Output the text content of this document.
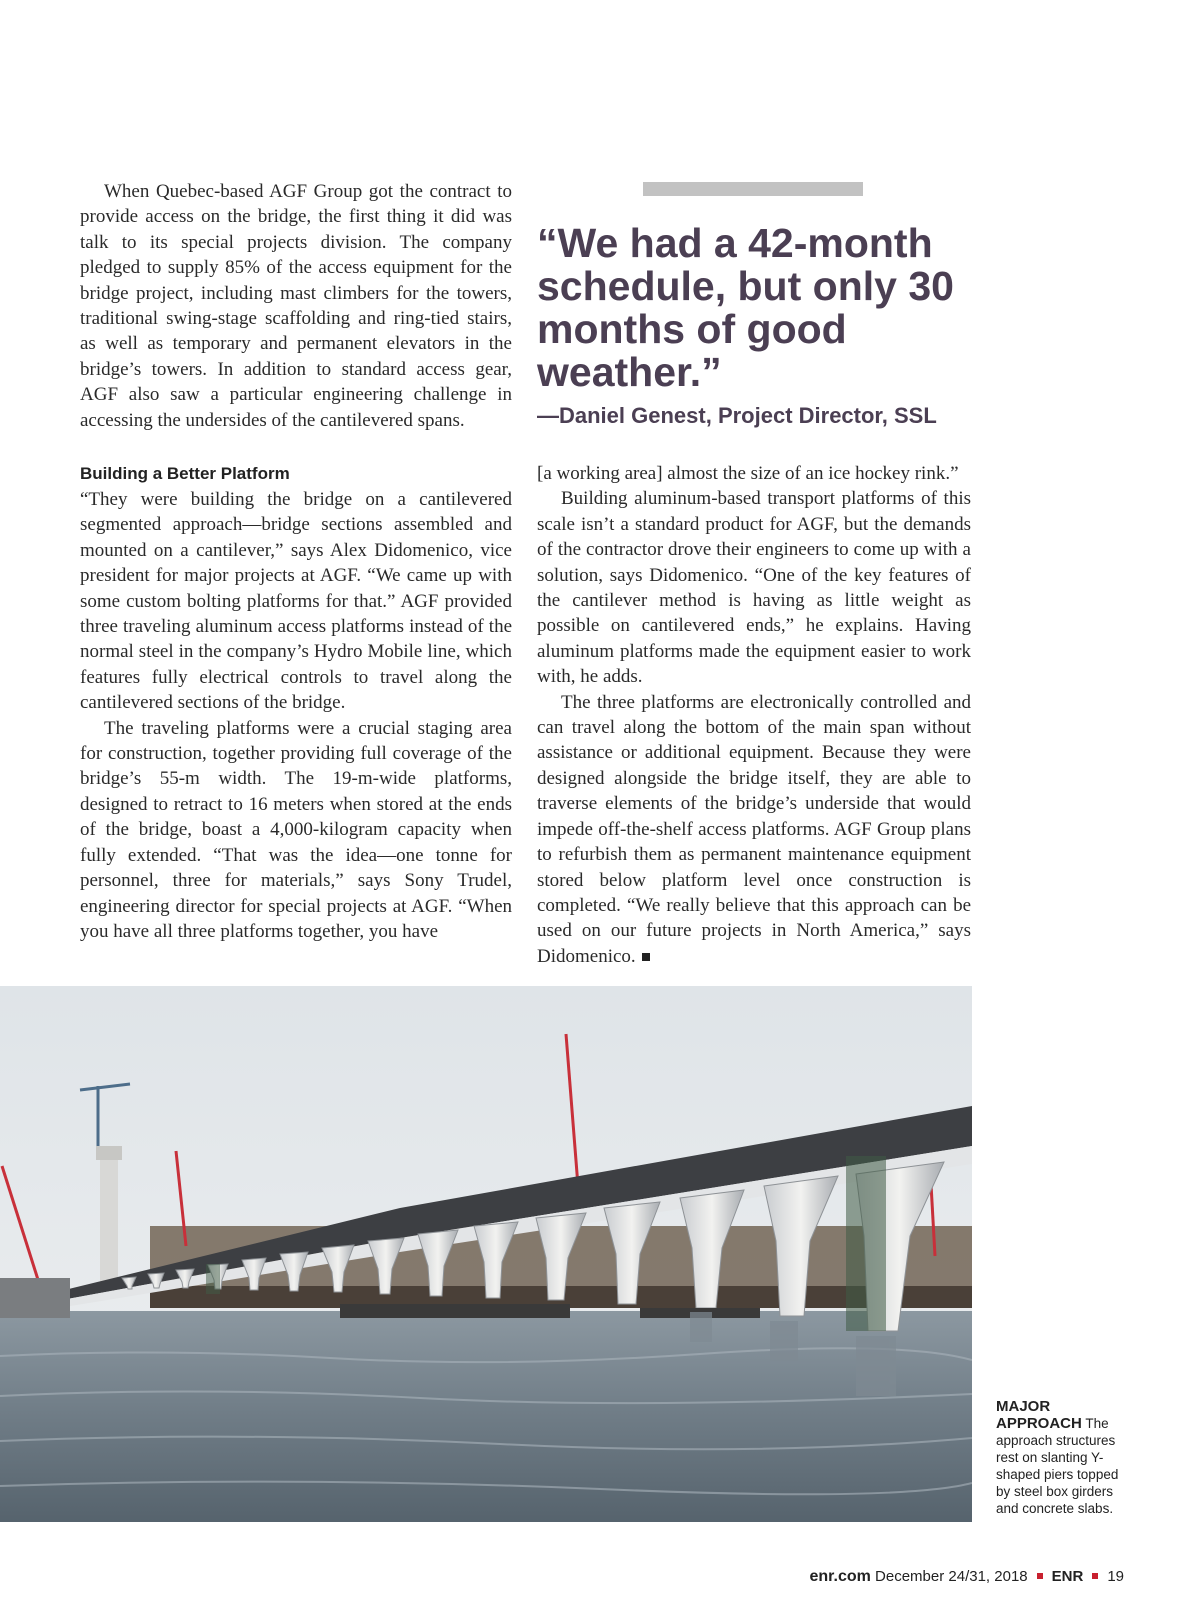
When Quebec-based AGF Group got the contract to provide access on the bridge, the first thing it did was talk to its special projects division. The company pledged to supply 85% of the access equipment for the bridge project, including mast climbers for the towers, traditional swing-stage scaffolding and ring-tied stairs, as well as temporary and permanent elevators in the bridge’s towers. In addition to standard access gear, AGF also saw a particular engineering challenge in accessing the undersides of the cantilevered spans.

Building a Better Platform

“They were building the bridge on a cantilevered segmented approach—bridge sections assembled and mounted on a cantilever,” says Alex Didomenico, vice president for major projects at AGF. “We came up with some custom bolting platforms for that.” AGF provided three traveling aluminum access platforms instead of the normal steel in the company’s Hydro Mobile line, which features fully electrical controls to travel along the cantilevered sections of the bridge.

The traveling platforms were a crucial staging area for construction, together providing full coverage of the bridge’s 55-m width. The 19-m-wide platforms, designed to retract to 16 meters when stored at the ends of the bridge, boast a 4,000-kilogram capacity when fully extended. “That was the idea—one tonne for personnel, three for materials,” says Sony Trudel, engineering director for special projects at AGF. “When you have all three platforms together, you have

[a working area] almost the size of an ice hockey rink.”

Building aluminum-based transport platforms of this scale isn’t a standard product for AGF, but the demands of the contractor drove their engineers to come up with a solution, says Didomenico. “One of the key features of the cantilever method is having as little weight as possible on cantilevered ends,” he explains. Having aluminum platforms made the equipment easier to work with, he adds.

The three platforms are electronically controlled and can travel along the bottom of the main span without assistance or additional equipment. Because they were designed alongside the bridge itself, they are able to traverse elements of the bridge’s underside that would impede off-the-shelf access platforms. AGF Group plans to refurbish them as permanent maintenance equipment stored below platform level once construction is completed. “We really believe that this approach can be used on our future projects in North America,” says Didomenico.

“We had a 42-month schedule, but only 30 months of good weather.”

—Daniel Genest, Project Director, SSL

MAJOR APPROACH The approach structures rest on slanting Y-shaped piers topped by steel box girders and concrete slabs.
enr.com December 24/31, 2018 ENR 19
